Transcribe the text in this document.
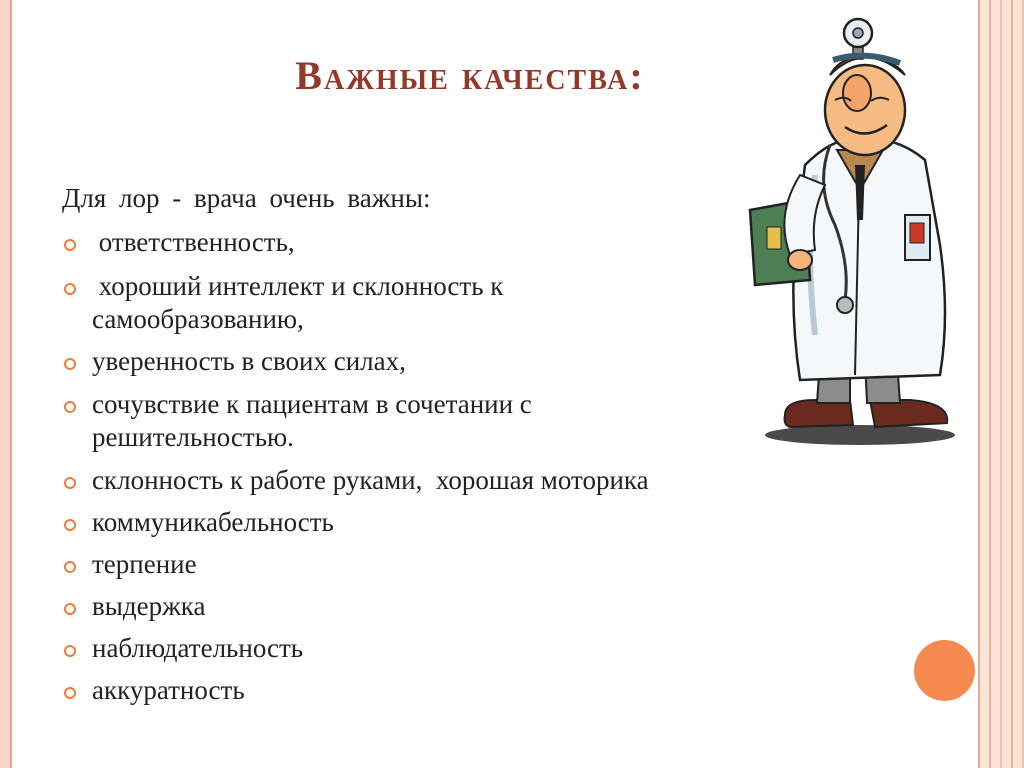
Важные качества:
Для лор - врача очень важны:
ответственность,
хороший интеллект и склонность к
самообразованию,
уверенность в своих силах,
сочувствие к пациентам в сочетании с
решительностью.
склонность к работе руками,  хорошая моторика
коммуникабельность
терпение
выдержка
наблюдательность
аккуратность
